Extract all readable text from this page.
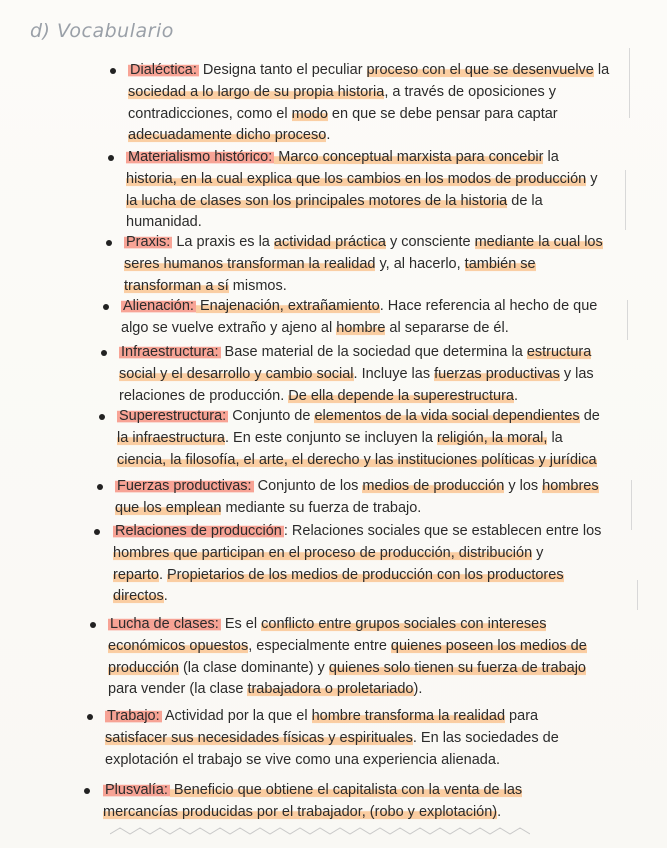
d) Vocabulario
Dialéctica: Designa tanto el peculiar proceso con el que se desenvuelve la
sociedad a lo largo de su propia historia, a través de oposiciones y
contradicciones, como el modo en que se debe pensar para captar
adecuadamente dicho proceso.
Materialismo histórico: Marco conceptual marxista para concebir la
historia, en la cual explica que los cambios en los modos de producción y
la lucha de clases son los principales motores de la historia de la
humanidad.
Praxis: La praxis es la actividad práctica y consciente mediante la cual los
seres humanos transforman la realidad y, al hacerlo, también se
transforman a sí mismos.
Alienación: Enajenación, extrañamiento. Hace referencia al hecho de que
algo se vuelve extraño y ajeno al hombre al separarse de él.
Infraestructura: Base material de la sociedad que determina la estructura
social y el desarrollo y cambio social. Incluye las fuerzas productivas y las
relaciones de producción. De ella depende la superestructura.
Superestructura: Conjunto de elementos de la vida social dependientes de
la infraestructura. En este conjunto se incluyen la religión, la moral, la
ciencia, la filosofía, el arte, el derecho y las instituciones políticas y jurídica
Fuerzas productivas: Conjunto de los medios de producción y los hombres
que los emplean mediante su fuerza de trabajo.
Relaciones de producción : Relaciones sociales que se establecen entre los
hombres que participan en el proceso de producción, distribución y
reparto. Propietarios de los medios de producción con los productores
directos.
Lucha de clases: Es el conflicto entre grupos sociales con intereses
económicos opuestos, especialmente entre quienes poseen los medios de
producción (la clase dominante) y quienes solo tienen su fuerza de trabajo
para vender (la clase trabajadora o proletariado).
Trabajo: Actividad por la que el hombre transforma la realidad para
satisfacer sus necesidades físicas y espirituales. En las sociedades de
explotación el trabajo se vive como una experiencia alienada.
Plusvalía: Beneficio que obtiene el capitalista con la venta de las
mercancías producidas por el trabajador, (robo y explotación).
